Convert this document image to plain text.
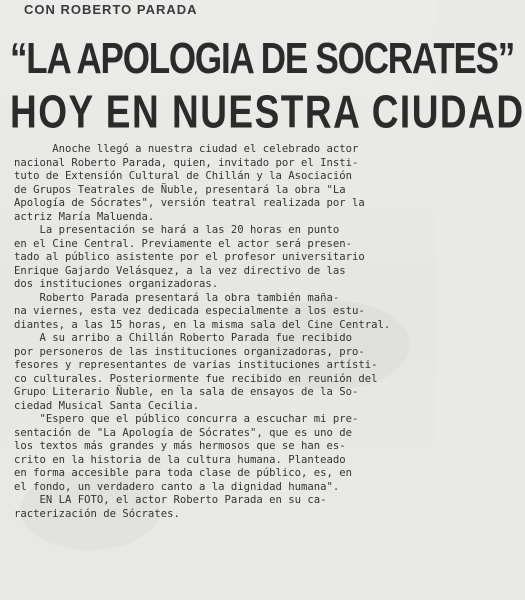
CON ROBERTO PARADA
“LA APOLOGIA DE SOCRATES”
HOY EN NUESTRA CIUDAD

Anoche llegó a nuestra ciudad el celebrado actor

nacional Roberto Parada, quien, invitado por el Insti-

tuto de Extensión Cultural de Chillán y la Asociación

de Grupos Teatrales de Ñuble, presentará la obra "La

Apología de Sócrates", versión teatral realizada por la

actriz María Maluenda.

La presentación se hará a las 20 horas en punto

en el Cine Central. Previamente el actor será presen-

tado al público asistente por el profesor universitario

Enrique Gajardo Velásquez, a la vez directivo de las

dos instituciones organizadoras.

Roberto Parada presentará la obra también maña-

na viernes, esta vez dedicada especialmente a los estu-

diantes, a las 15 horas, en la misma sala del Cine Central.

A su arribo a Chillán Roberto Parada fue recibido

por personeros de las instituciones organizadoras, pro-

fesores y representantes de varias instituciones artísti-

co culturales. Posteriormente fue recibido en reunión del

Grupo Literario Ñuble, en la sala de ensayos de la So-

ciedad Musical Santa Cecilia.

"Espero que el público concurra a escuchar mi pre-

sentación de "La Apología de Sócrates", que es uno de

los textos más grandes y más hermosos que se han es-

crito en la historia de la cultura humana. Planteado

en forma accesible para toda clase de público, es, en

el fondo, un verdadero canto a la dignidad humana".

EN LA FOTO, el actor Roberto Parada en su ca-

racterización de Sócrates.
